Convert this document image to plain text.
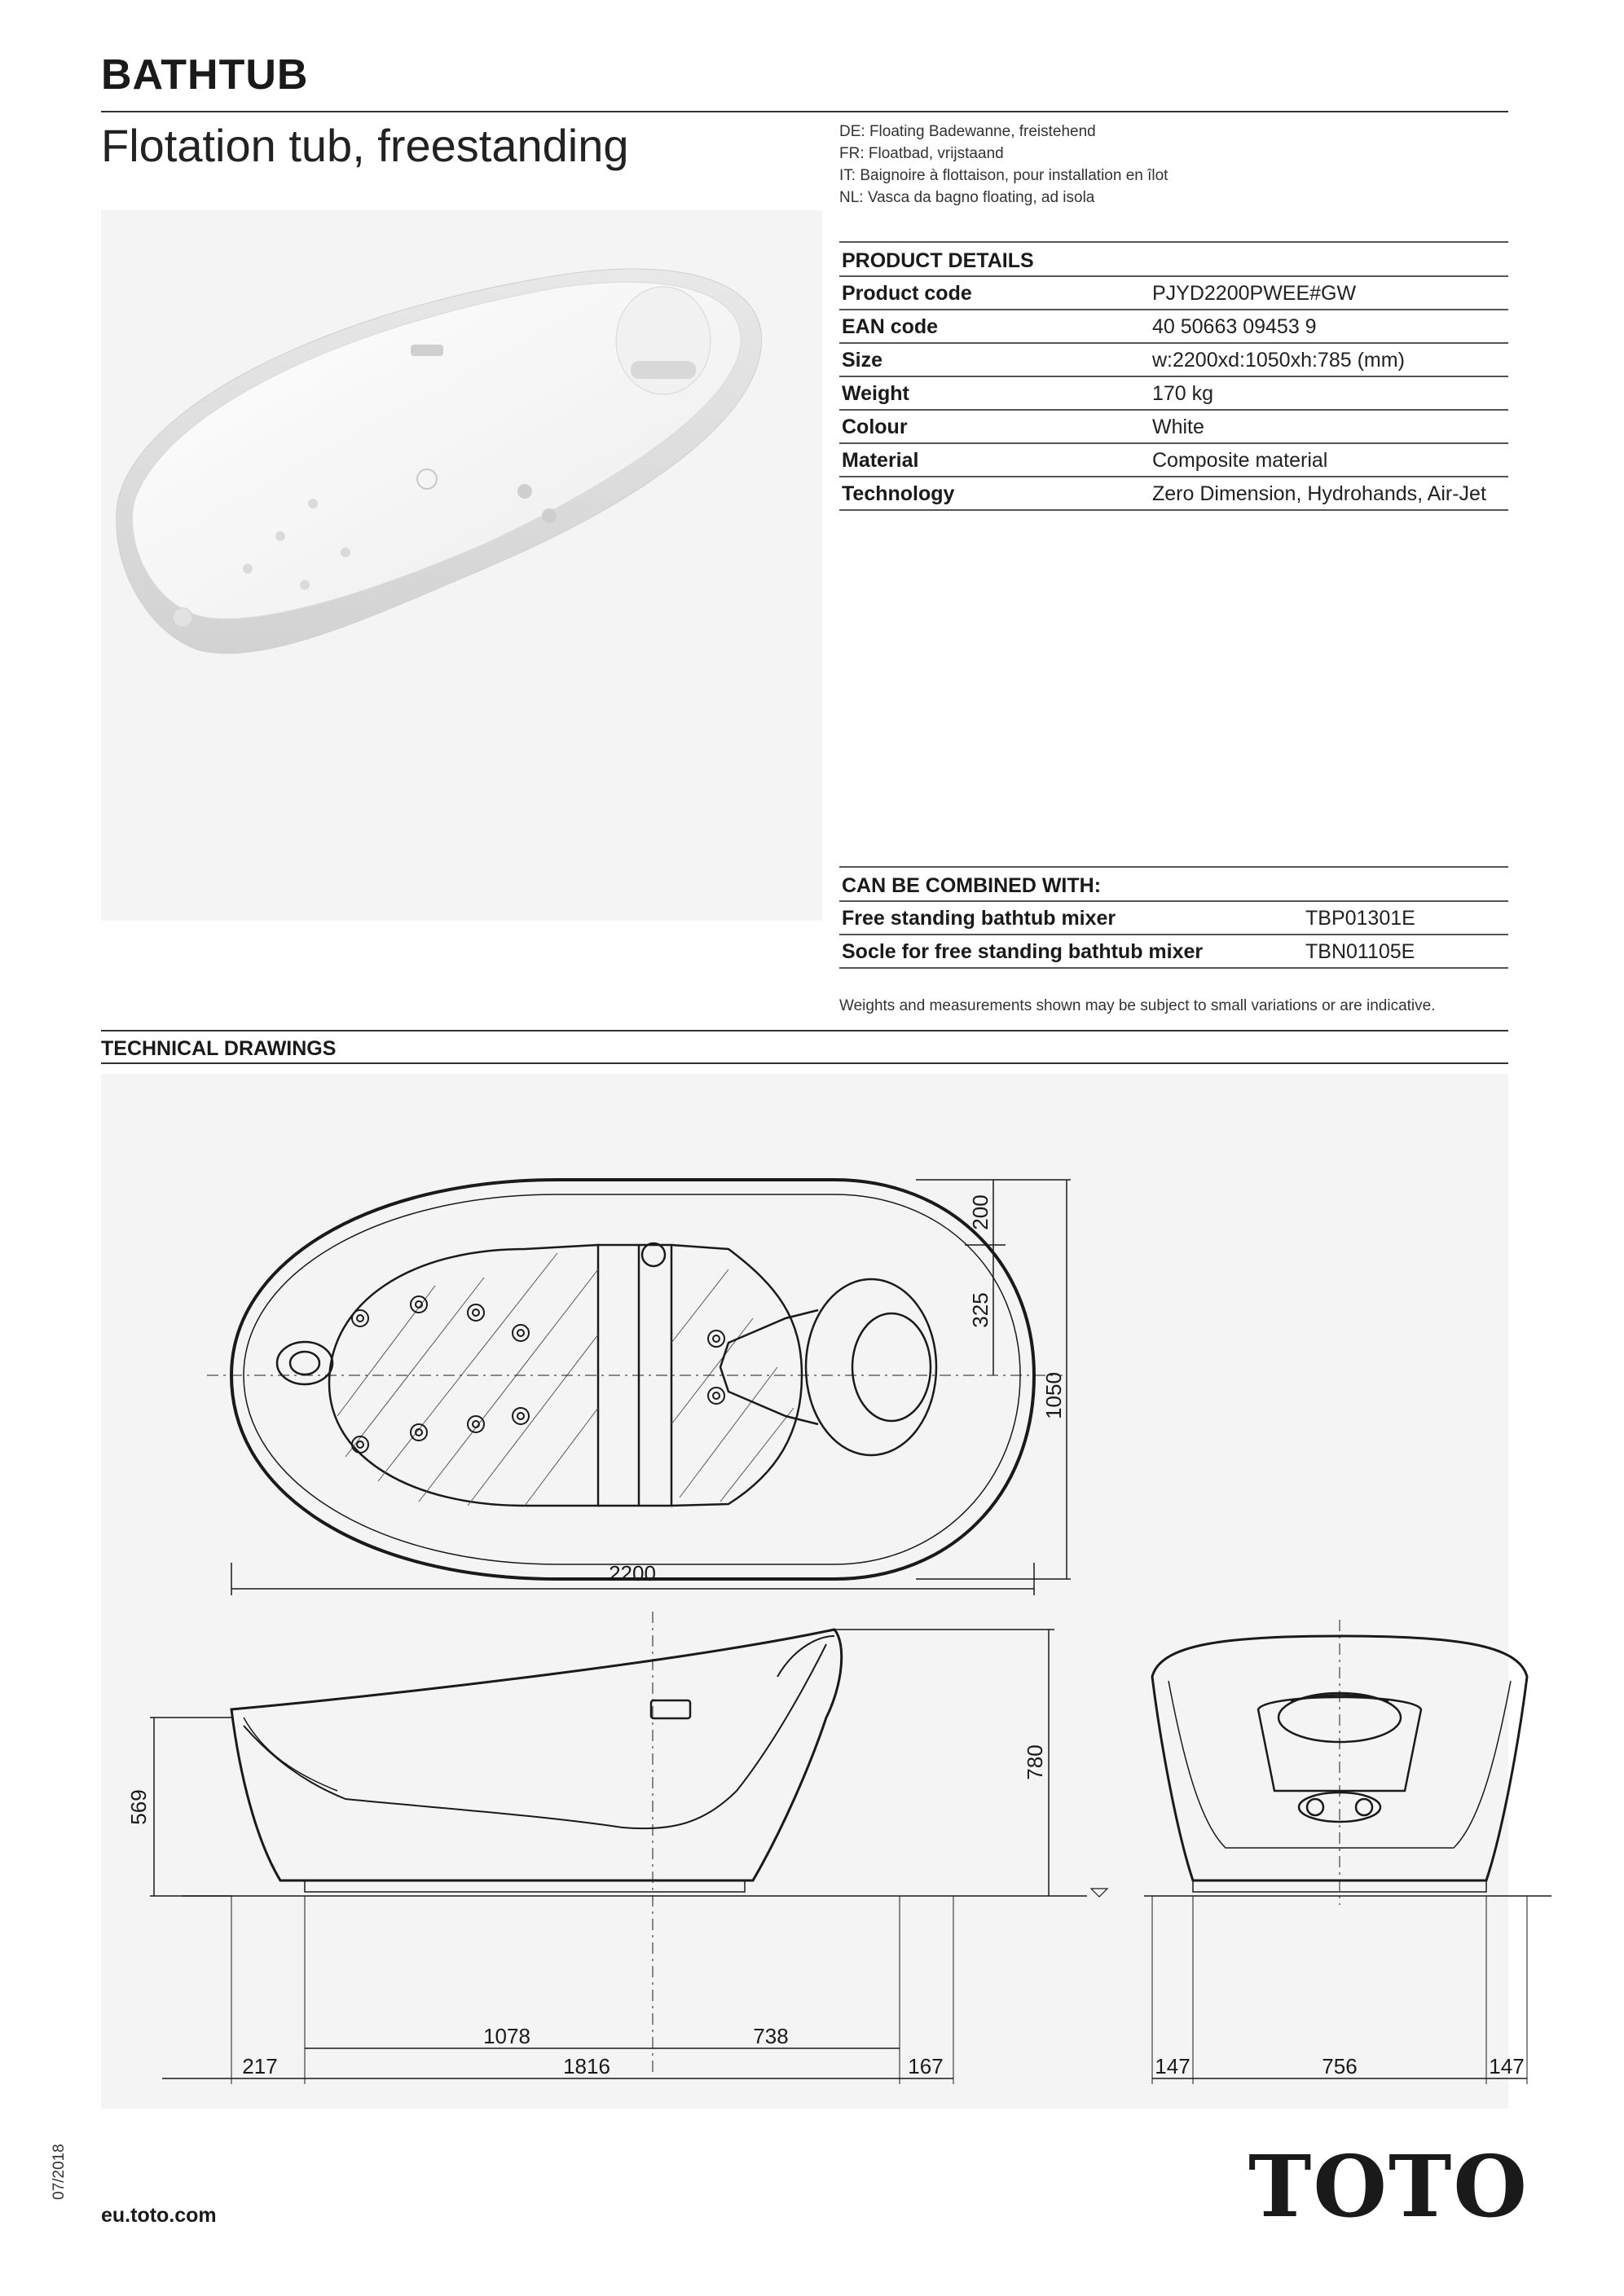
BATHTUB
Flotation tub, freestanding	DE: Floating Badewanne, freistehend
FR: Floatbad, vrijstaand
IT: Baignoire à flottaison, pour installation en îlot
NL: Vasca da bagno floating, ad isola
PRODUCT DETAILS
Product code	PJYD2200PWEE#GW
EAN code	40 50663 09453 9
Size	w:2200xd:1050xh:785 (mm)
Weight	170 kg
Colour	White
Material	Composite material
Technology	Zero Dimension, Hydrohands, Air-Jet
CAN BE COMBINED WITH:
Free standing bathtub mixer	TBP01301E
Socle for free standing bathtub mixer	TBN01105E
Weights and measurements shown may be subject to small variations or are indicative.
TECHNICAL DRAWINGS
2200
1050
200
325
569
780
1078	738
217	1816	167	147	756	147
07/2018
eu.toto.com	TOTO
